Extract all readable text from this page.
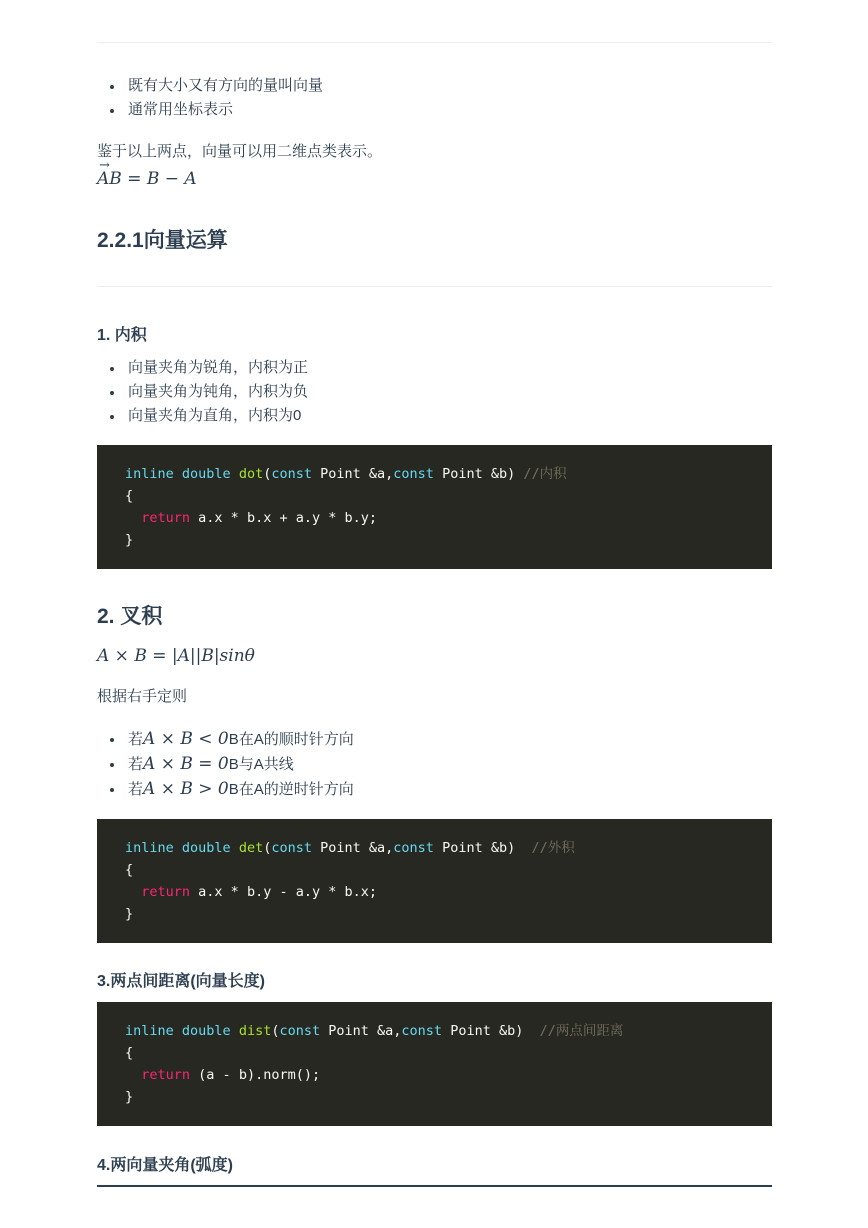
既有大小又有方向的量叫向量
通常用坐标表示

鉴于以上两点，向量可以用二维点类表示。

AB → = B − A
2.2.1向量运算
1. 内积
向量夹角为锐角，内积为正
向量夹角为钝角，内积为负
向量夹角为直角，内积为0
inline double dot(const Point &a,const Point &b) //内积
{
return a.x * b.x + a.y * b.y;
}
2. 叉积
A × B = |A||B|sinθ

根据右手定则

若A × B < 0B在A的顺时针方向
若A × B = 0B与A共线
若A × B > 0B在A的逆时针方向
inline double det(const Point &a,const Point &b)  //外积
{
return a.x * b.y - a.y * b.x;
}
3.两点间距离(向量长度)
inline double dist(const Point &a,const Point &b)  //两点间距离
{
return (a - b).norm();
}
4.两向量夹角(弧度)
